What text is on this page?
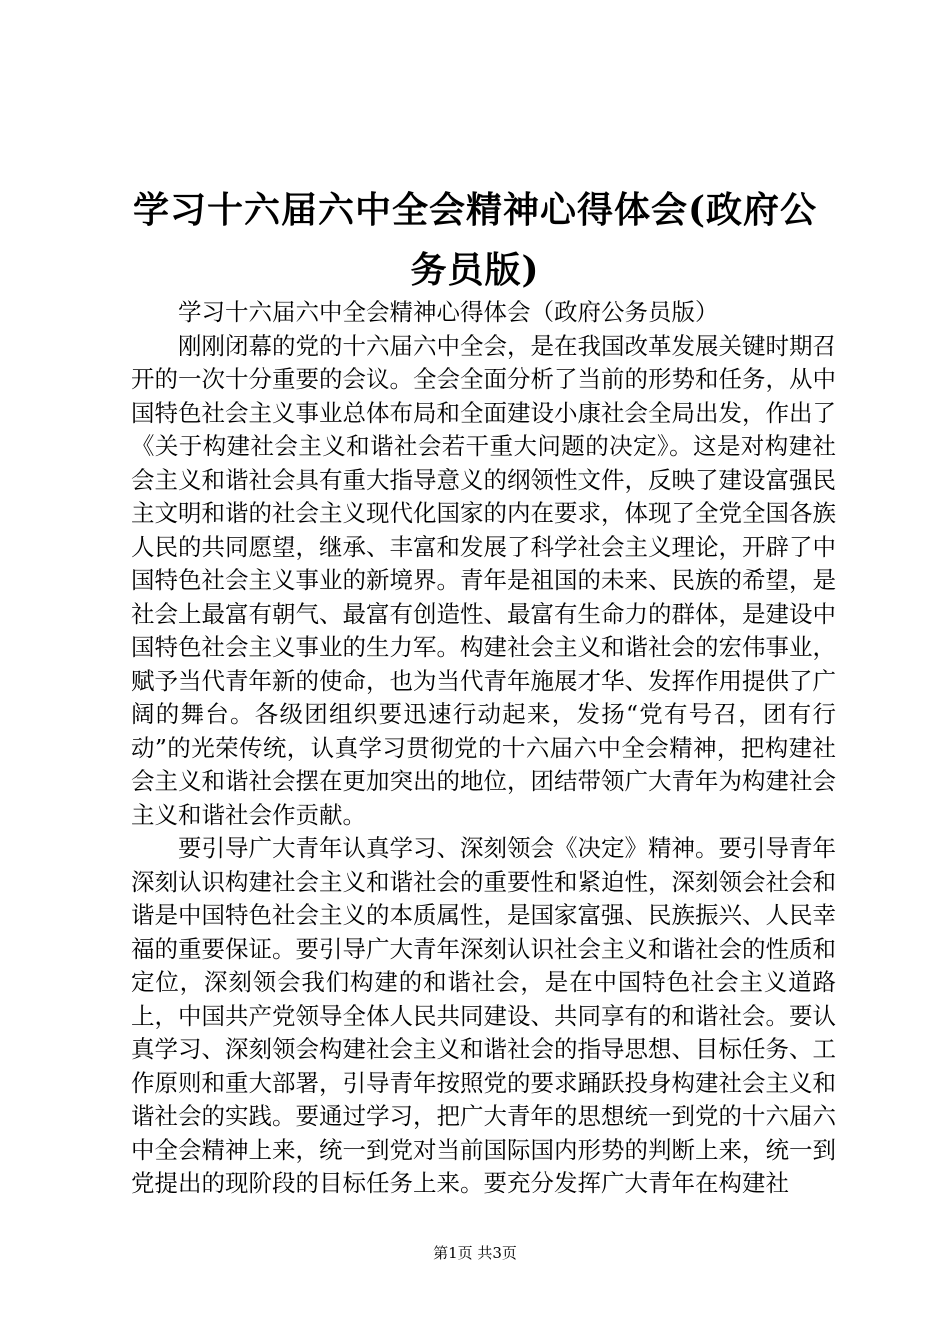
学习十六届六中全会精神心得体会(政府公务员版)

学习十六届六中全会精神心得体会（政府公务员版）

刚刚闭幕的党的十六届六中全会，是在我国改革发展关键时期召开的一次十分重要的会议。全会全面分析了当前的形势和任务，从中国特色社会主义事业总体布局和全面建设小康社会全局出发，作出了《关于构建社会主义和谐社会若干重大问题的决定》。这是对构建社会主义和谐社会具有重大指导意义的纲领性文件，反映了建设富强民主文明和谐的社会主义现代化国家的内在要求，体现了全党全国各族人民的共同愿望，继承、丰富和发展了科学社会主义理论，开辟了中国特色社会主义事业的新境界。青年是祖国的未来、民族的希望，是社会上最富有朝气、最富有创造性、最富有生命力的群体，是建设中国特色社会主义事业的生力军。构建社会主义和谐社会的宏伟事业，赋予当代青年新的使命，也为当代青年施展才华、发挥作用提供了广阔的舞台。各级团组织要迅速行动起来，发扬“党有号召，团有行动”的光荣传统，认真学习贯彻党的十六届六中全会精神，把构建社会主义和谐社会摆在更加突出的地位，团结带领广大青年为构建社会主义和谐社会作贡献。

要引导广大青年认真学习、深刻领会《决定》精神。要引导青年深刻认识构建社会主义和谐社会的重要性和紧迫性，深刻领会社会和谐是中国特色社会主义的本质属性，是国家富强、民族振兴、人民幸福的重要保证。要引导广大青年深刻认识社会主义和谐社会的性质和定位，深刻领会我们构建的和谐社会，是在中国特色社会主义道路上，中国共产党领导全体人民共同建设、共同享有的和谐社会。要认真学习、深刻领会构建社会主义和谐社会的指导思想、目标任务、工作原则和重大部署，引导青年按照党的要求踊跃投身构建社会主义和谐社会的实践。要通过学习，把广大青年的思想统一到党的十六届六中全会精神上来，统一到党对当前国际国内形势的判断上来，统一到党提出的现阶段的目标任务上来。要充分发挥广大青年在构建社

第1页 共3页
